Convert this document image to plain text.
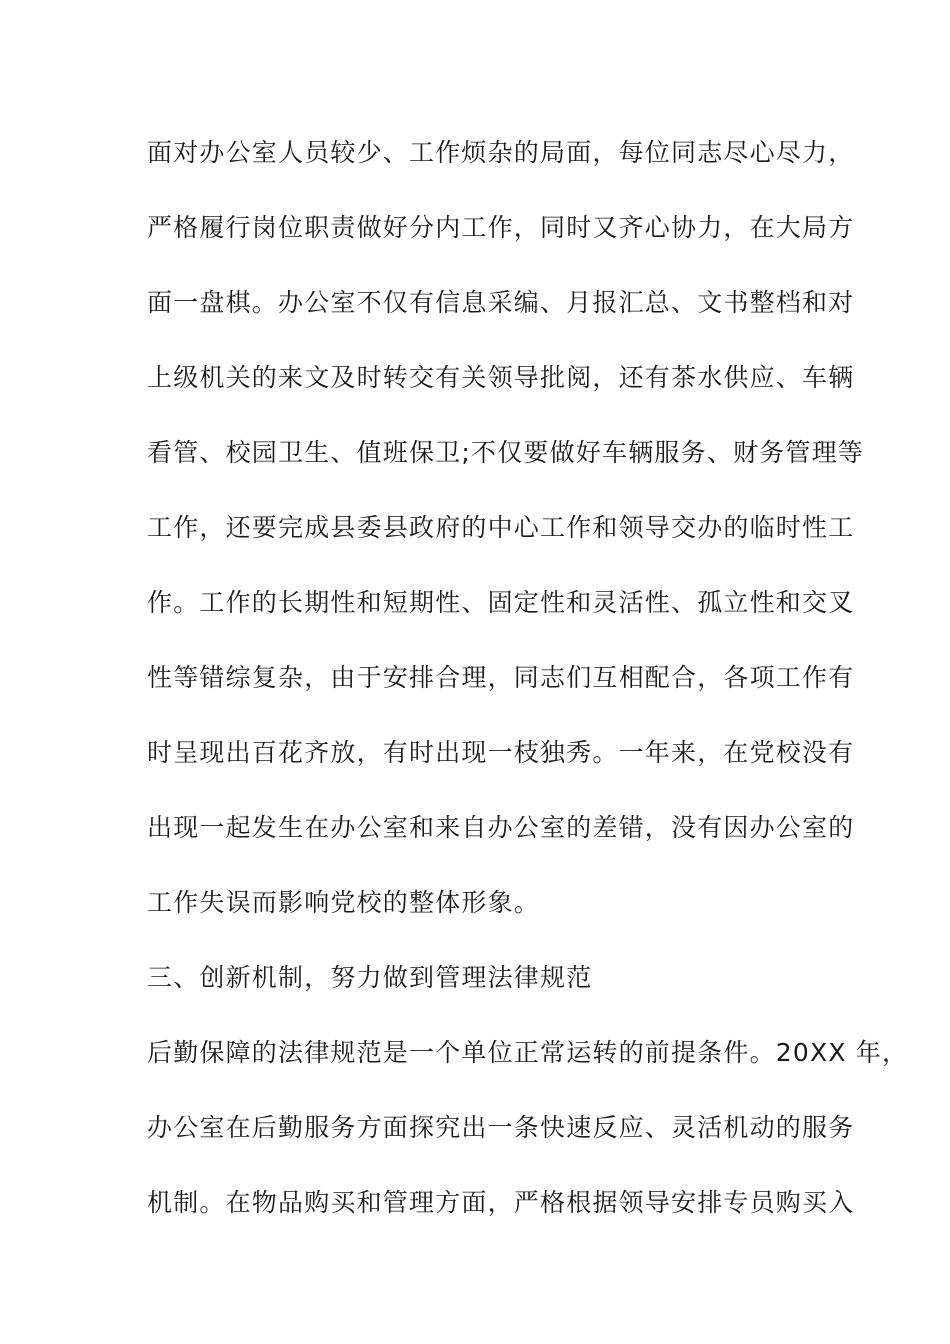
面对办公室人员较少、工作烦杂的局面，每位同志尽心尽力，
严格履行岗位职责做好分内工作，同时又齐心协力，在大局方
面一盘棋。办公室不仅有信息采编、月报汇总、文书整档和对
上级机关的来文及时转交有关领导批阅，还有茶水供应、车辆
看管、校园卫生、值班保卫;不仅要做好车辆服务、财务管理等
工作，还要完成县委县政府的中心工作和领导交办的临时性工
作。工作的长期性和短期性、固定性和灵活性、孤立性和交叉
性等错综复杂，由于安排合理，同志们互相配合，各项工作有
时呈现出百花齐放，有时出现一枝独秀。一年来，在党校没有
出现一起发生在办公室和来自办公室的差错，没有因办公室的
工作失误而影响党校的整体形象。
三、创新机制，努力做到管理法律规范
后勤保障的法律规范是一个单位正常运转的前提条件。20XX 年，
办公室在后勤服务方面探究出一条快速反应、灵活机动的服务
机制。在物品购买和管理方面，严格根据领导安排专员购买入
